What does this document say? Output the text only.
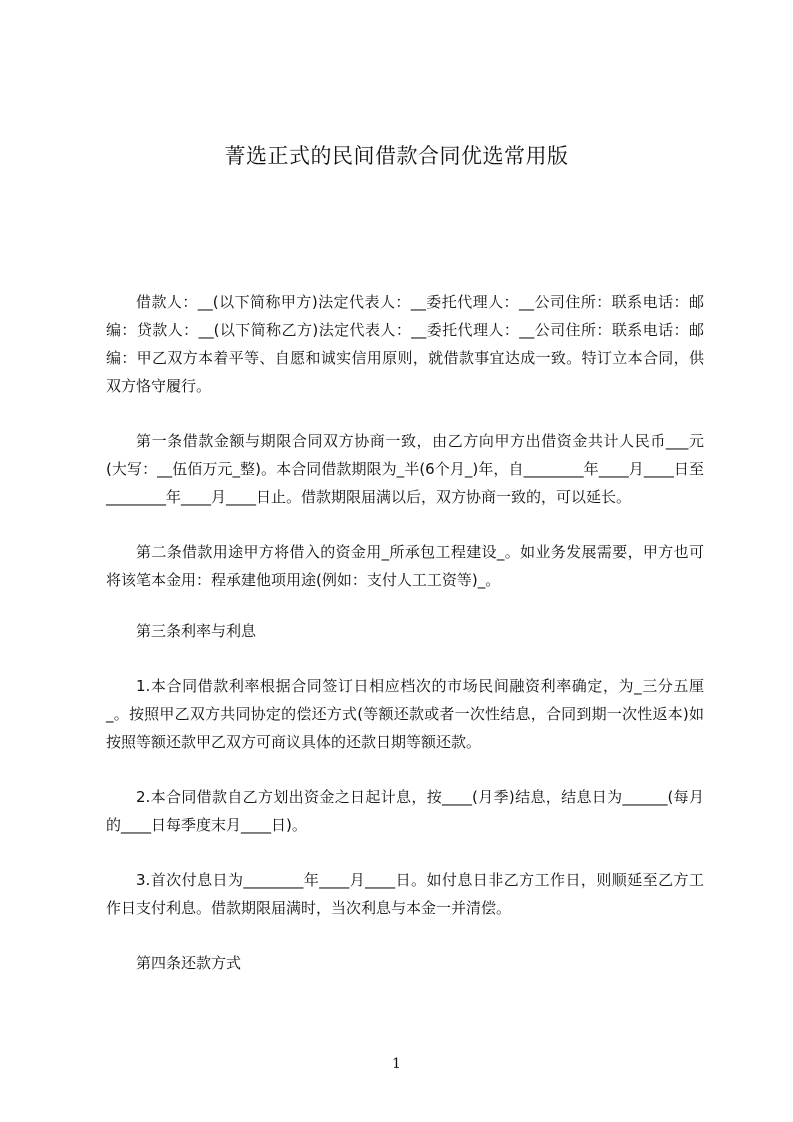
菁选正式的民间借款合同优选常用版

借款人：__(以下简称甲方)法定代表人：__委托代理人：__公司住所：联系电话：邮编：贷款人：__(以下简称乙方)法定代表人：__委托代理人：__公司住所：联系电话：邮编：甲乙双方本着平等、自愿和诚实信用原则，就借款事宜达成一致。特订立本合同，供双方恪守履行。

第一条借款金额与期限合同双方协商一致，由乙方向甲方出借资金共计人民币___元(大写：__伍佰万元_整)。本合同借款期限为_半(6个月_)年，自________年____月____日至________年____月____日止。借款期限届满以后，双方协商一致的，可以延长。

第二条借款用途甲方将借入的资金用_所承包工程建设_。如业务发展需要，甲方也可将该笔本金用：程承建他项用途(例如：支付人工工资等)_。

第三条利率与利息

1.本合同借款利率根据合同签订日相应档次的市场民间融资利率确定，为_三分五厘_。按照甲乙双方共同协定的偿还方式(等额还款或者一次性结息，合同到期一次性返本)如按照等额还款甲乙双方可商议具体的还款日期等额还款。

2.本合同借款自乙方划出资金之日起计息，按____(月季)结息，结息日为______(每月的____日每季度末月____日)。

3.首次付息日为________年____月____日。如付息日非乙方工作日，则顺延至乙方工作日支付利息。借款期限届满时，当次利息与本金一并清偿。

第四条还款方式

1
